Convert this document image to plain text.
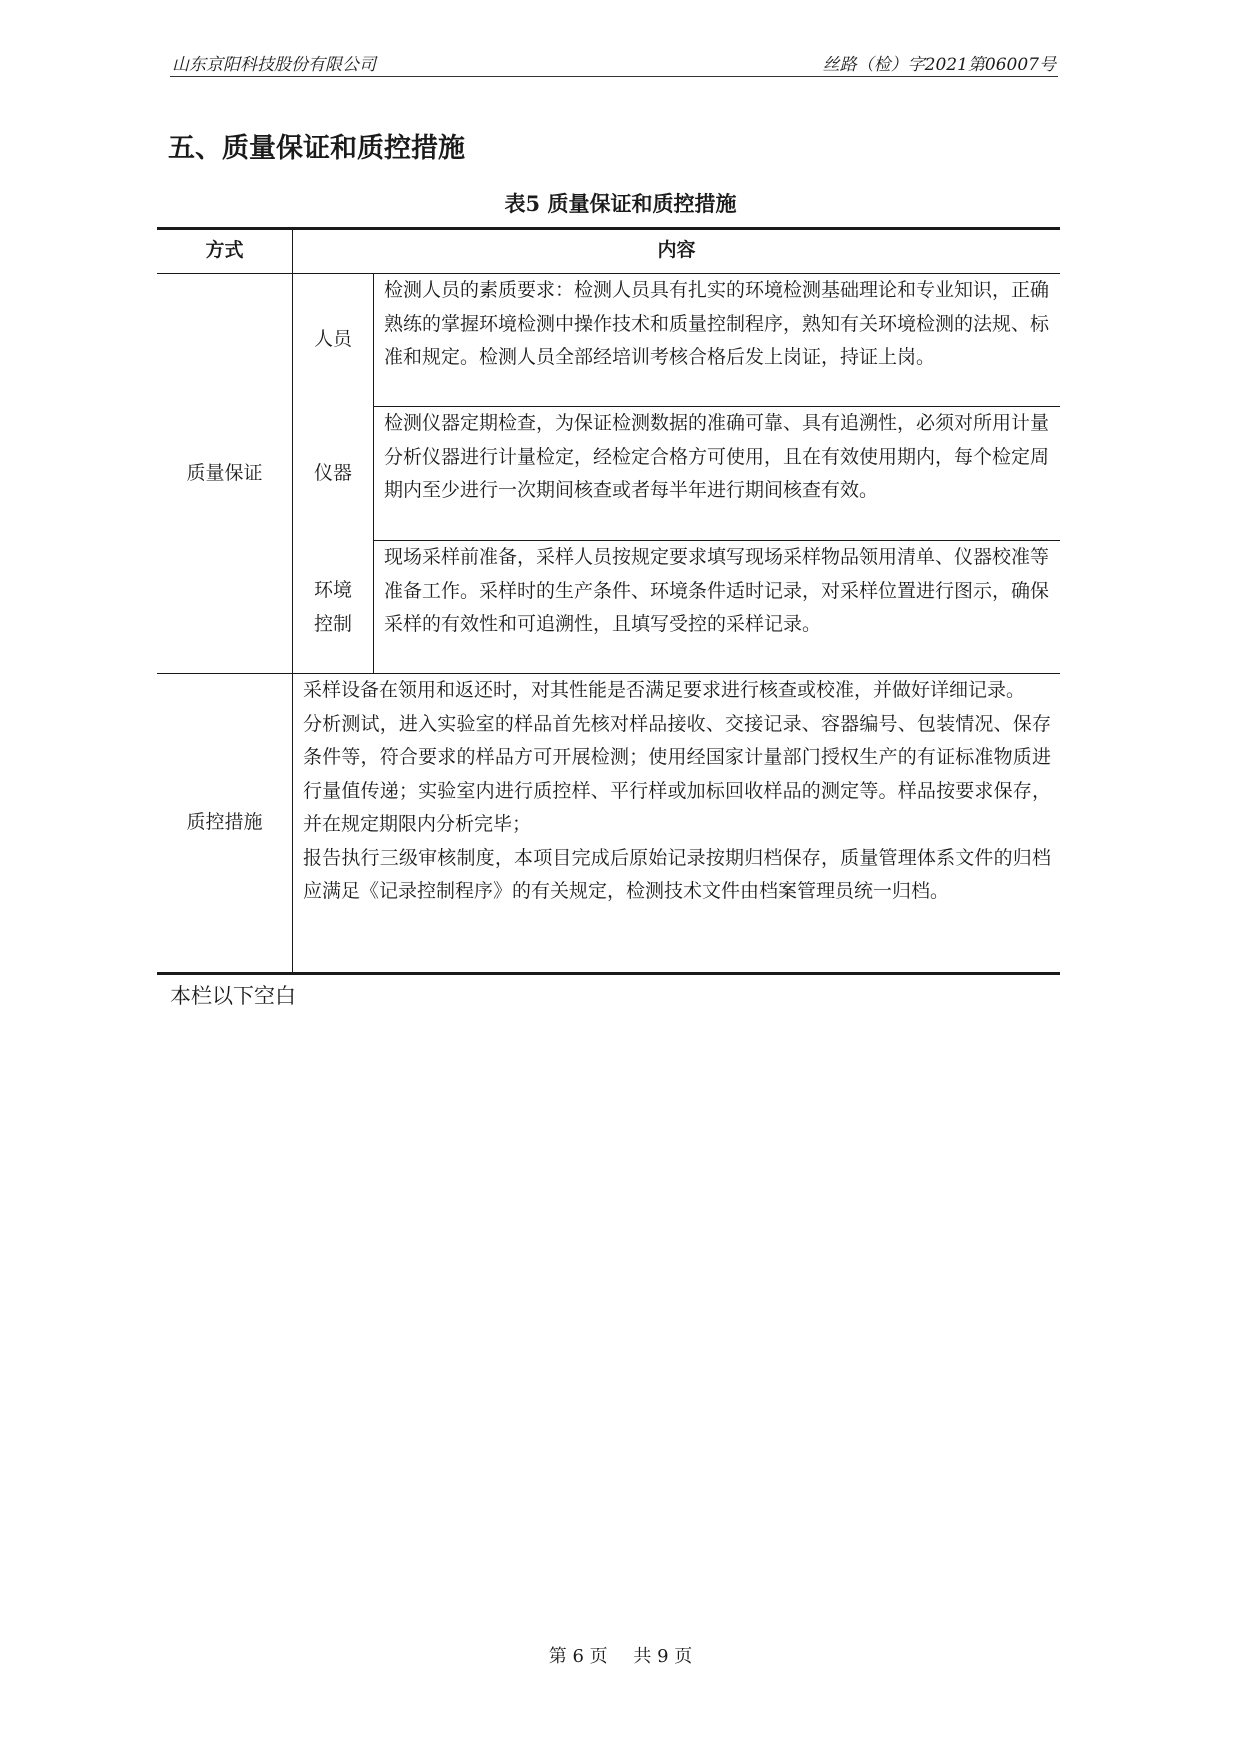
山东京阳科技股份有限公司	丝路（检）字2021第06007号
五、质量保证和质控措施
表5 质量保证和质控措施
方式	内容
质量保证
人员
检测人员的素质要求：检测人员具有扎实的环境检测基础理论和专业知识，正确熟练的掌握环境检测中操作技术和质量控制程序，熟知有关环境检测的法规、标准和规定。检测人员全部经培训考核合格后发上岗证，持证上岗。
仪器
检测仪器定期检查，为保证检测数据的准确可靠、具有追溯性，必须对所用计量分析仪器进行计量检定，经检定合格方可使用，且在有效使用期内，每个检定周期内至少进行一次期间核查或者每半年进行期间核查有效。
环境控制
现场采样前准备，采样人员按规定要求填写现场采样物品领用清单、仪器校准等准备工作。采样时的生产条件、环境条件适时记录，对采样位置进行图示，确保采样的有效性和可追溯性，且填写受控的采样记录。
质控措施
采样设备在领用和返还时，对其性能是否满足要求进行核查或校准，并做好详细记录。
分析测试，进入实验室的样品首先核对样品接收、交接记录、容器编号、包装情况、保存条件等，符合要求的样品方可开展检测；使用经国家计量部门授权生产的有证标准物质进行量值传递；实验室内进行质控样、平行样或加标回收样品的测定等。样品按要求保存，并在规定期限内分析完毕；
报告执行三级审核制度，本项目完成后原始记录按期归档保存，质量管理体系文件的归档应满足《记录控制程序》的有关规定，检测技术文件由档案管理员统一归档。
本栏以下空白
第 6 页 共 9 页
